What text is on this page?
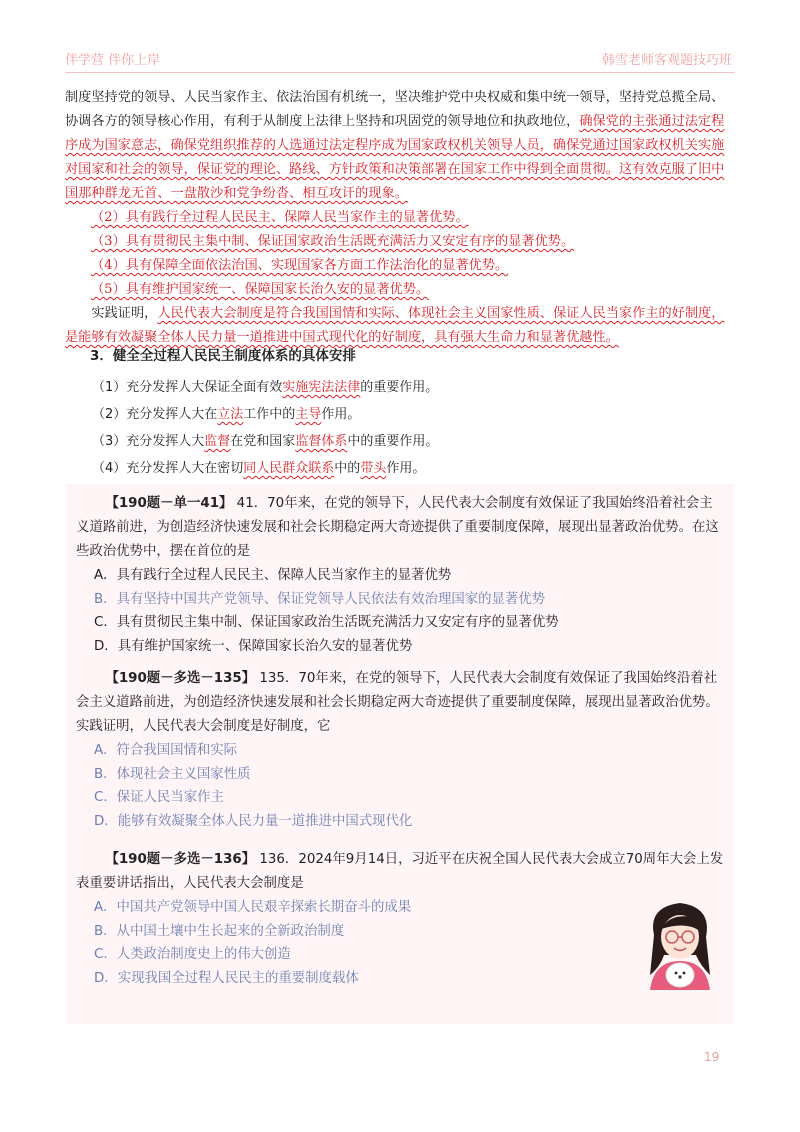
伴学营 伴你上岸	韩雪老师客观题技巧班

制度坚持党的领导、人民当家作主、依法治国有机统一，坚决维护党中央权威和集中统一领导，坚持党总揽全局、协调各方的领导核心作用，有利于从制度上法律上坚持和巩固党的领导地位和执政地位，确保党的主张通过法定程序成为国家意志，确保党组织推荐的人选通过法定程序成为国家政权机关领导人员，确保党通过国家政权机关实施对国家和社会的领导，保证党的理论、路线、方针政策和决策部署在国家工作中得到全面贯彻。这有效克服了旧中国那种群龙无首、一盘散沙和党争纷沓、相互攻讦的现象。

（2）具有践行全过程人民民主、保障人民当家作主的显著优势。

（3）具有贯彻民主集中制、保证国家政治生活既充满活力又安定有序的显著优势。

（4）具有保障全面依法治国、实现国家各方面工作法治化的显著优势。

（5）具有维护国家统一、保障国家长治久安的显著优势。

实践证明，人民代表大会制度是符合我国国情和实际、体现社会主义国家性质、保证人民当家作主的好制度，是能够有效凝聚全体人民力量一道推进中国式现代化的好制度，具有强大生命力和显著优越性。

3．健全全过程人民民主制度体系的具体安排

（1）充分发挥人大保证全面有效实施宪法法律的重要作用。

（2）充分发挥人大在立法工作中的主导作用。

（3）充分发挥人大监督在党和国家监督体系中的重要作用。

（4）充分发挥人大在密切同人民群众联系中的带头作用。

【190题－单一41】 41．70年来，在党的领导下，人民代表大会制度有效保证了我国始终沿着社会主义道路前进，为创造经济快速发展和社会长期稳定两大奇迹提供了重要制度保障，展现出显著政治优势。在这些政治优势中，摆在首位的是

A．具有践行全过程人民民主、保障人民当家作主的显著优势

B．具有坚持中国共产党领导、保证党领导人民依法有效治理国家的显著优势

C．具有贯彻民主集中制、保证国家政治生活既充满活力又安定有序的显著优势

D．具有维护国家统一、保障国家长治久安的显著优势

【190题－多选－135】 135．70年来，在党的领导下，人民代表大会制度有效保证了我国始终沿着社会主义道路前进，为创造经济快速发展和社会长期稳定两大奇迹提供了重要制度保障，展现出显著政治优势。实践证明，人民代表大会制度是好制度，它

A．符合我国国情和实际

B．体现社会主义国家性质

C．保证人民当家作主

D．能够有效凝聚全体人民力量一道推进中国式现代化

【190题－多选－136】 136．2024年9月14日，习近平在庆祝全国人民代表大会成立70周年大会上发表重要讲话指出，人民代表大会制度是

A．中国共产党领导中国人民艰辛探索长期奋斗的成果

B．从中国土壤中生长起来的全新政治制度

C．人类政治制度史上的伟大创造

D．实现我国全过程人民民主的重要制度载体

19
